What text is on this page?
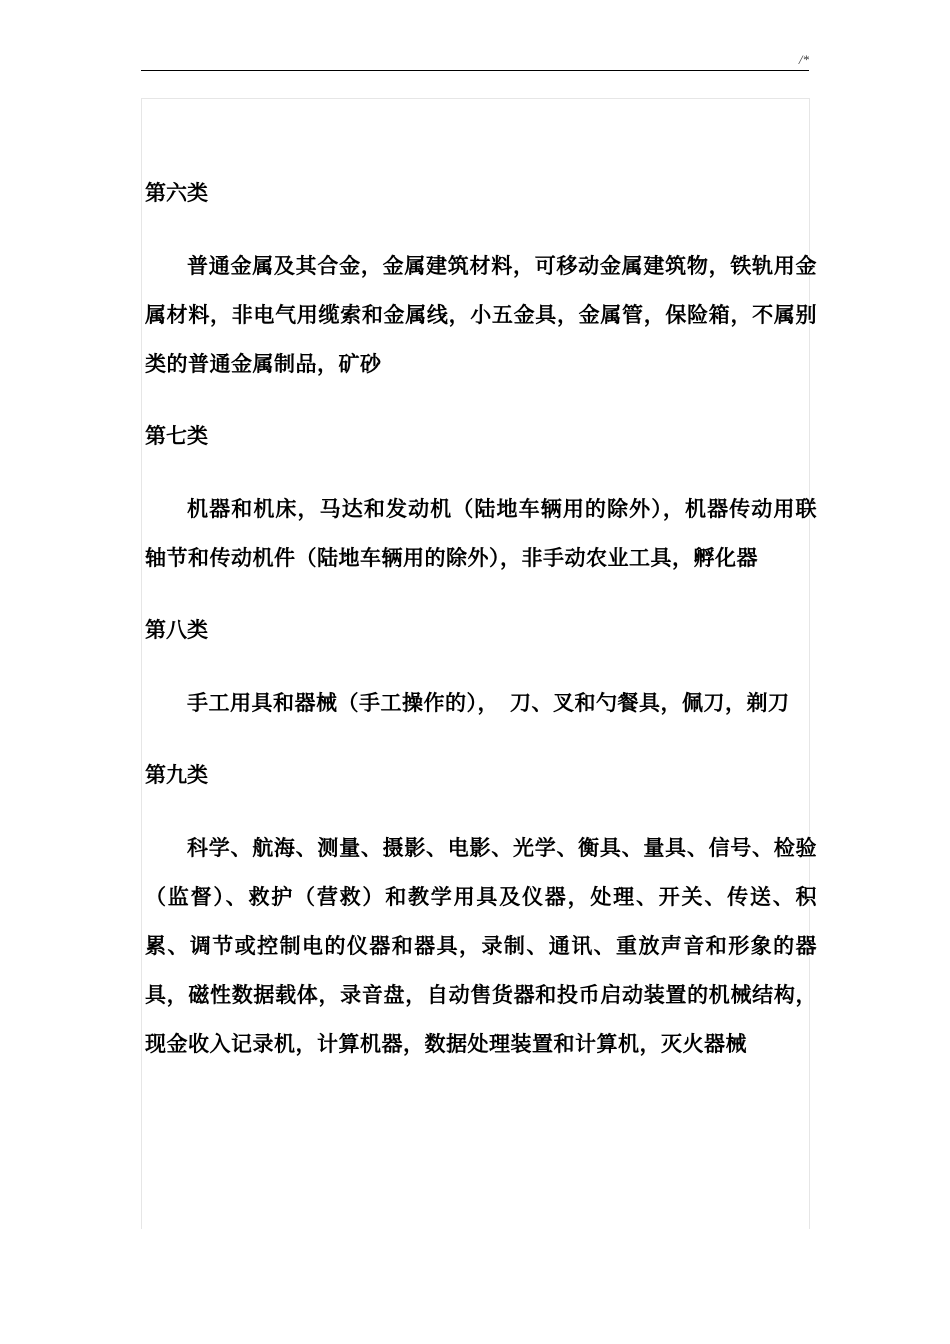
/*
第六类

普通金属及其合金，金属建筑材料，可移动金属建筑物，铁轨用金属材料，非电气用缆索和金属线，小五金具，金属管，保险箱，不属别类的普通金属制品，矿砂

第七类

机器和机床，马达和发动机（陆地车辆用的除外），机器传动用联轴节和传动机件（陆地车辆用的除外），非手动农业工具，孵化器

第八类

手工用具和器械（手工操作的），　刀、叉和勺餐具，佩刀，剃刀

第九类

科学、航海、测量、摄影、电影、光学、衡具、量具、信号、检验（监督）、救护（营救）和教学用具及仪器，处理、开关、传送、积累、调节或控制电的仪器和器具，录制、通讯、重放声音和形象的器具，磁性数据载体，录音盘，自动售货器和投币启动装置的机械结构，现金收入记录机，计算机器，数据处理装置和计算机，灭火器械
